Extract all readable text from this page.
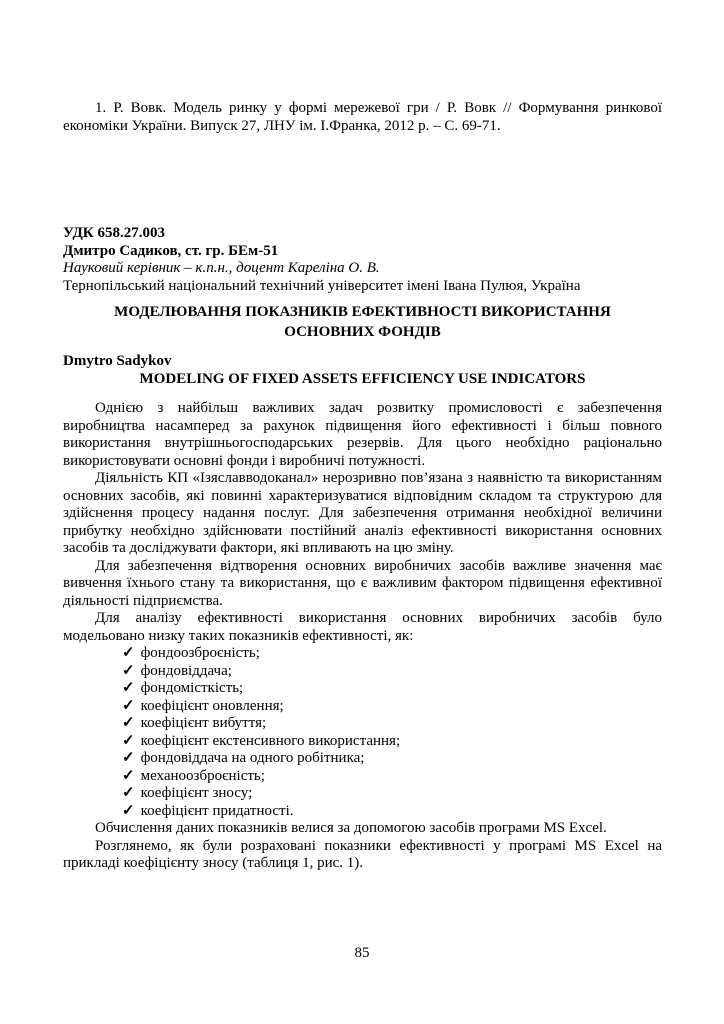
1. Р. Вовк. Модель ринку у формі мережевої гри / Р. Вовк // Формування ринкової економіки України. Випуск 27, ЛНУ ім. І.Франка, 2012 р. – С. 69-71.

УДК 658.27.003
Дмитро Садиков, ст. гр. БЕм-51
Науковий керівник – к.п.н., доцент Кареліна О. В.
Тернопільський національний технічний університет імені Івана Пулюя, Україна
МОДЕЛЮВАННЯ ПОКАЗНИКІВ ЕФЕКТИВНОСТІ ВИКОРИСТАННЯ ОСНОВНИХ ФОНДІВ
Dmytro Sadykov
MODELING OF FIXED ASSETS EFFICIENCY USE INDICATORS

Однією з найбільш важливих задач розвитку промисловості є забезпечення виробництва насамперед за рахунок підвищення його ефективності і більш повного використання внутрішньогосподарських резервів. Для цього необхідно раціонально використовувати основні фонди і виробничі потужності.

Діяльність КП «Ізяславводоканал» нерозривно пов’язана з наявністю та використанням основних засобів, які повинні характеризуватися відповідним складом та структурою для здійснення процесу надання послуг. Для забезпечення отримання необхідної величини прибутку необхідно здійснювати постійний аналіз ефективності використання основних засобів та досліджувати фактори, які впливають на цю зміну.

Для забезпечення відтворення основних виробничих засобів важливе значення має вивчення їхнього стану та використання, що є важливим фактором підвищення ефективної діяльності підприємства.

Для аналізу ефективності використання основних виробничих засобів було модельовано низку таких показників ефективності, як:

✓ фондоозброєність;
✓ фондовіддача;
✓ фондомісткість;
✓ коефіцієнт оновлення;
✓ коефіцієнт вибуття;
✓ коефіцієнт екстенсивного використання;
✓ фондовіддача на одного робітника;
✓ механоозброєність;
✓ коефіцієнт зносу;
✓ коефіцієнт придатності.

Обчислення даних показників велися за допомогою засобів програми MS Excel.

Розглянемо, як були розраховані показники ефективності у програмі MS Excel на прикладі коефіцієнту зносу (таблиця 1, рис. 1).

85
